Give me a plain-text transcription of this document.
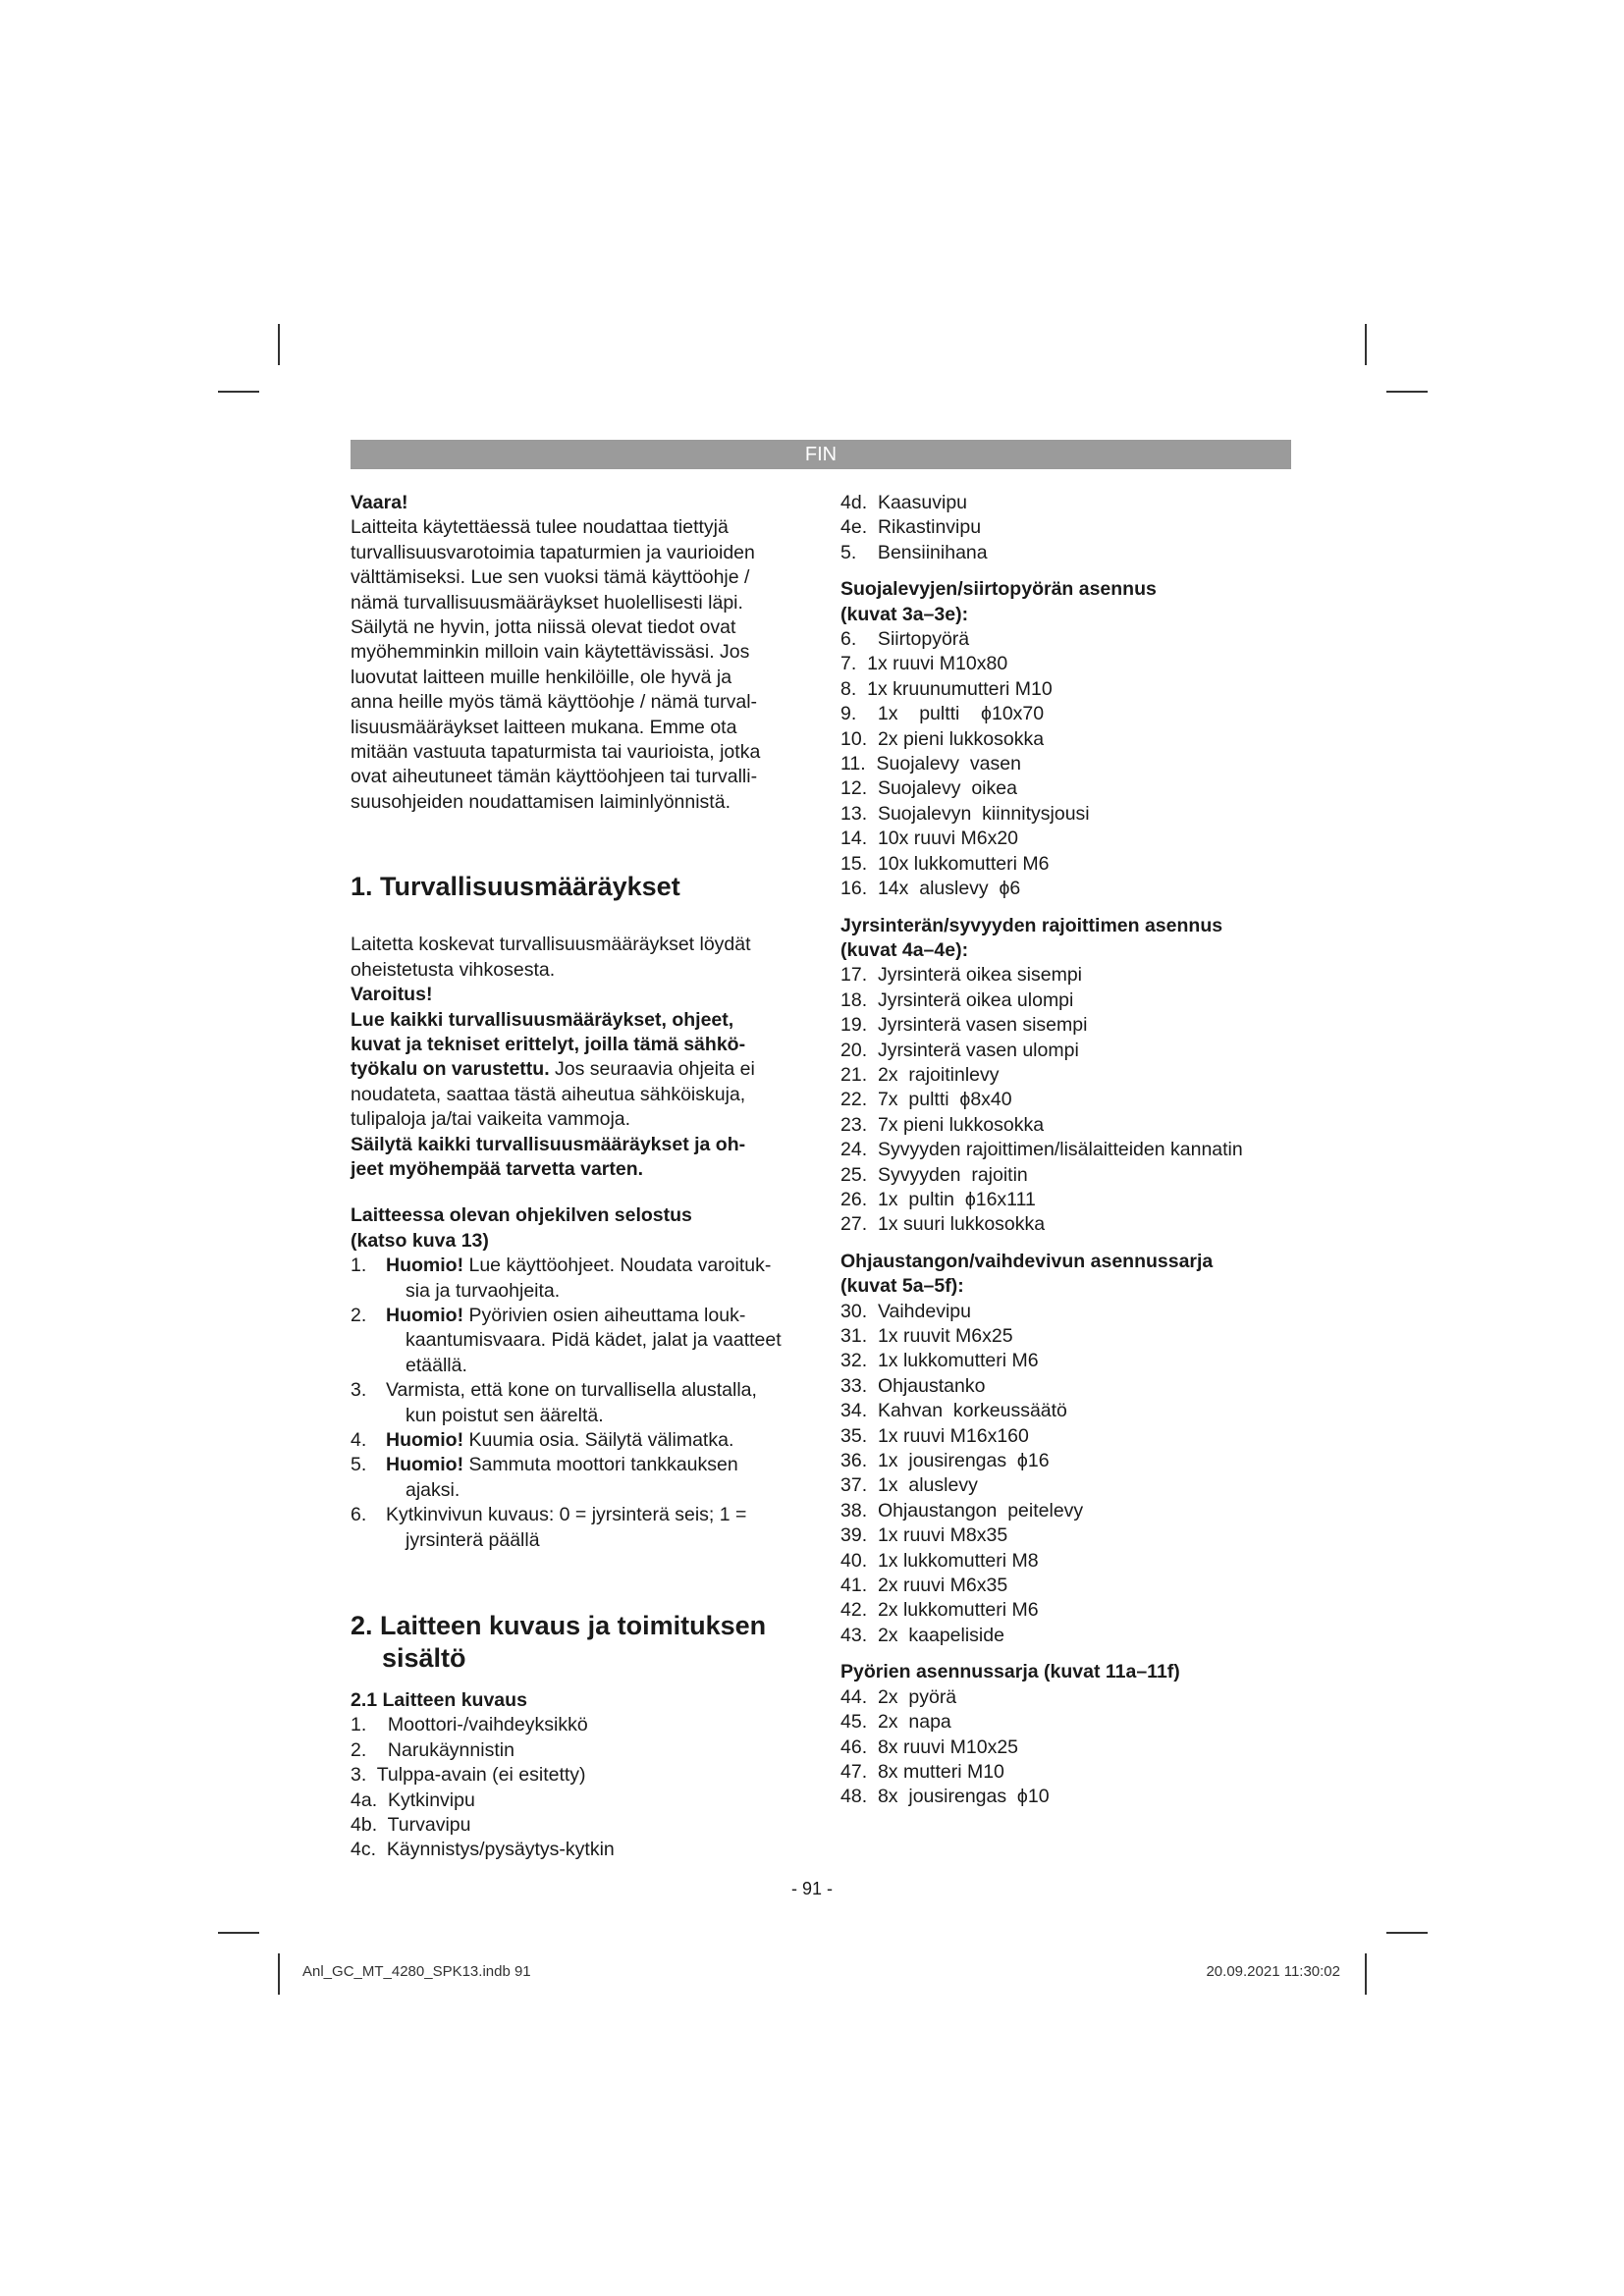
FIN

Vaara!

Laitteita käytettäessä tulee noudattaa tiettyjä
turvallisuusvarotoimia tapaturmien ja vaurioiden
välttämiseksi. Lue sen vuoksi tämä käyttöohje /
nämä turvallisuusmääräykset huolellisesti läpi.
Säilytä ne hyvin, jotta niissä olevat tiedot ovat
myöhemminkin milloin vain käytettävissäsi. Jos
luovutat laitteen muille henkilöille, ole hyvä ja
anna heille myös tämä käyttöohje / nämä turval-
lisuusmääräykset laitteen mukana. Emme ota
mitään vastuuta tapaturmista tai vaurioista, jotka
ovat aiheutuneet tämän käyttöohjeen tai turvalli-
suusohjeiden noudattamisen laiminlyönnistä.
1. Turvallisuusmääräykset
Laitetta koskevat turvallisuusmääräykset löydät
oheistetusta vihkosesta.

Varoitus!

Lue kaikki turvallisuusmääräykset, ohjeet,
kuvat ja tekniset erittelyt, joilla tämä sähkö-

työkalu on varustettu. Jos seuraavia ohjeita ei

noudateta, saattaa tästä aiheutua sähköiskuja,
tulipaloja ja/tai vaikeita vammoja.
Säilytä kaikki turvallisuusmääräykset ja oh-
jeet myöhempää tarvetta varten.
Laitteessa olevan ohjekilven selostus
(katso kuva 13)
1. Huomio! Lue käyttöohjeet. Noudata varoituk-
sia ja turvaohjeita.
2. Huomio! Pyörivien osien aiheuttama louk-
kaantumisvaara. Pidä kädet, jalat ja vaatteet
etäällä.
3. Varmista, että kone on turvallisella alustalla,
kun poistut sen ääreltä.
4. Huomio! Kuumia osia. Säilytä välimatka.
5. Huomio! Sammuta moottori tankkauksen
ajaksi.
6. Kytkinvivun kuvaus: 0 = jyrsinterä seis; 1 =
jyrsinterä päällä
2. Laitteen kuvaus ja toimituksen
sisältö
2.1 Laitteen kuvaus
1.    Moottori-/vaihdeyksikkö
2.    Narukäynnistin
3.  Tulppa-avain (ei esitetty)
4a.  Kytkinvipu
4b.  Turvavipu
4c.  Käynnistys/pysäytys-kytkin
4d.  Kaasuvipu
4e.  Rikastinvipu
5.    Bensiinihana
Suojalevyjen/siirtopyörän asennus
(kuvat 3a–3e):
6.    Siirtopyörä
7.  1x ruuvi M10x80
8.  1x kruunumutteri M10
9.    1x    pultti    ϕ10x70
10.  2x pieni lukkosokka
11.  Suojalevy  vasen
12.  Suojalevy  oikea
13.  Suojalevyn  kiinnitysjousi
14.  10x ruuvi M6x20
15.  10x lukkomutteri M6
16.  14x  aluslevy  ϕ6
Jyrsinterän/syvyyden rajoittimen asennus
(kuvat 4a–4e):
17.  Jyrsinterä oikea sisempi
18.  Jyrsinterä oikea ulompi
19.  Jyrsinterä vasen sisempi
20.  Jyrsinterä vasen ulompi
21.  2x  rajoitinlevy
22.  7x  pultti  ϕ8x40
23.  7x pieni lukkosokka
24.  Syvyyden rajoittimen/lisälaitteiden kannatin
25.  Syvyyden  rajoitin
26.  1x  pultin  ϕ16x111
27.  1x suuri lukkosokka
Ohjaustangon/vaihdevivun asennussarja
(kuvat 5a–5f):
30.  Vaihdevipu
31.  1x ruuvit M6x25
32.  1x lukkomutteri M6
33.  Ohjaustanko
34.  Kahvan  korkeussäätö
35.  1x ruuvi M16x160
36.  1x  jousirengas  ϕ16
37.  1x  aluslevy
38.  Ohjaustangon  peitelevy
39.  1x ruuvi M8x35
40.  1x lukkomutteri M8
41.  2x ruuvi M6x35
42.  2x lukkomutteri M6
43.  2x  kaapeliside
Pyörien asennussarja (kuvat 11a–11f)
44.  2x  pyörä
45.  2x  napa
46.  8x ruuvi M10x25
47.  8x mutteri M10
48.  8x  jousirengas  ϕ10
- 91 -
Anl_GC_MT_4280_SPK13.indb 91	20.09.2021 11:30:02
